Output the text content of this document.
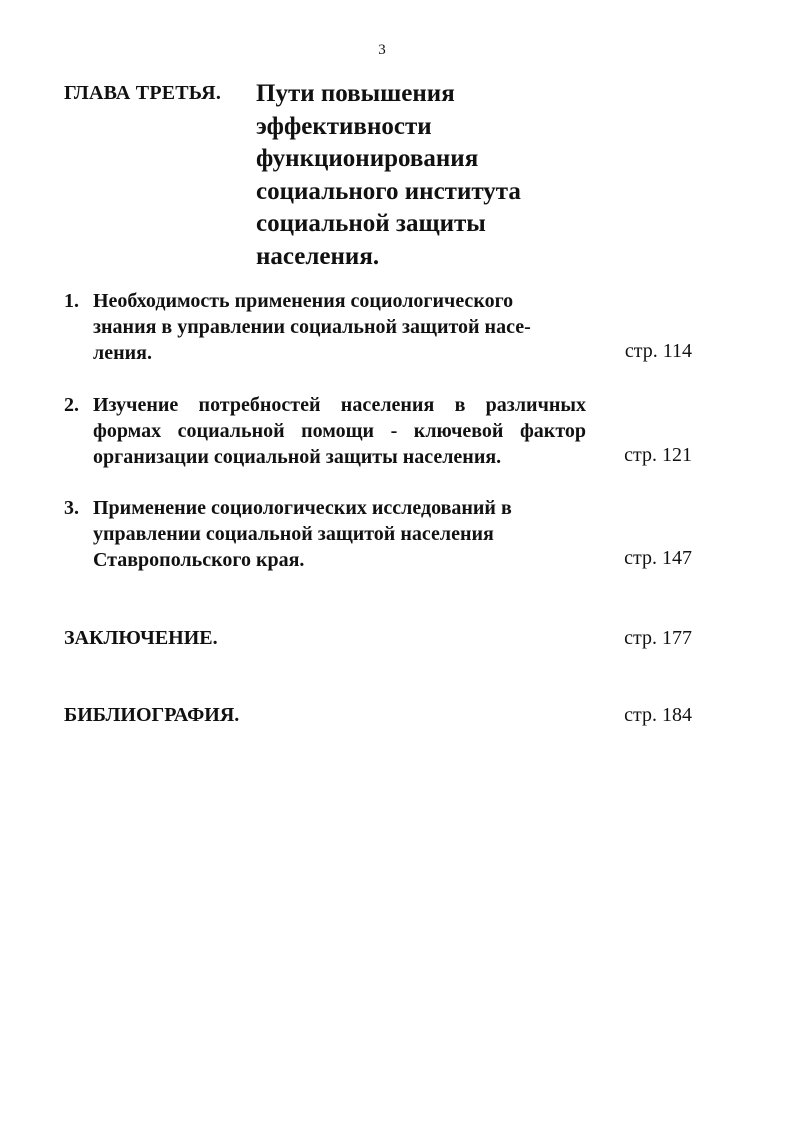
3
ГЛАВА ТРЕТЬЯ. Пути повышения
эффективности
функционирования
социального института
социальной защиты
населения.
1. Необходимость применения социологического
знания в управлении социальной защитой насе-
ления.	стр. 114
2. Изучение потребностей населения в различных
формах социальной помощи - ключевой фактор
организации социальной защиты населения.	стр. 121
3. Применение социологических исследований в
управлении социальной защитой населения
Ставропольского края.	стр. 147
ЗАКЛЮЧЕНИЕ.	стр. 177
БИБЛИОГРАФИЯ.	стр. 184
